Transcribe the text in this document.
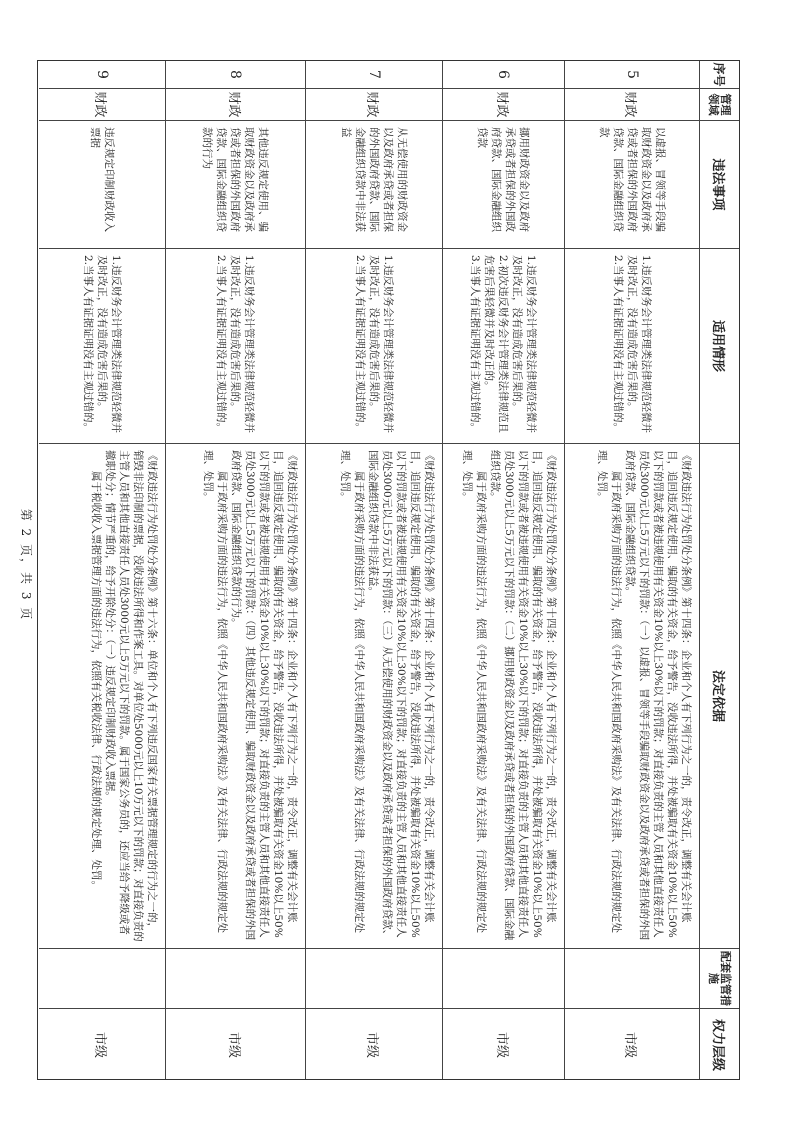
序号
管理领域
违法事项
适用情形
法定依据
配套监管措施
权力层级
5
财政

以虚报、冒领等手段骗取财政资金以及政府承贷或者担保的外国政府贷款、国际金融组织贷款

1.违反财务会计管理类法律规范轻微并及时改正，没有造成危害后果的。
2.当事人有证据证明没有主观过错的。

《财政违法行为处罚处分条例》第十四条：企业和个人有下列行为之一的，责令改正，调整有关会计账目，追回违反规定使用、骗取的有关资金，给予警告，没收违法所得，并处被骗取有关资金10%以上50%以下的罚款或者被违规使用有关资金10%以上30%以下的罚款；对直接负责的主管人员和其他直接责任人员处3000元以上5万元以下的罚款：（一）以虚报、冒领等手段骗取财政资金以及政府承贷或者担保的外国政府贷款、国际金融组织贷款。
　　属于政府采购方面的违法行为，依照《中华人民共和国政府采购法》及有关法律、行政法规的规定处理、处罚。

市级
6
财政

挪用财政资金以及政府承贷或者担保的外国政府贷款、国际金融组织贷款

1.违反财务会计管理类法律规范轻微并及时改正，没有造成危害后果的。
2.初次违反财务会计管理类法律规范且危害后果轻微并及时改正的。
3.当事人有证据证明没有主观过错的。

《财政违法行为处罚处分条例》第十四条：企业和个人有下列行为之一的，责令改正，调整有关会计账目，追回违反规定使用、骗取的有关资金，给予警告，没收违法所得，并处被骗取有关资金10%以上50%以下的罚款或者被违规使用有关资金10%以上30%以下的罚款；对直接负责的主管人员和其他直接责任人员处3000元以上5万元以下的罚款：（二）挪用财政资金以及政府承贷或者担保的外国政府贷款、国际金融组织贷款。
　　属于政府采购方面的违法行为，依照《中华人民共和国政府采购法》及有关法律、行政法规的规定处理、处罚。

市级
7
财政

从无偿使用的财政资金以及政府承贷或者担保的外国政府贷款、国际金融组织贷款中非法获益

1.违反财务会计管理类法律规范轻微并及时改正，没有造成危害后果的。
2.当事人有证据证明没有主观过错的。

《财政违法行为处罚处分条例》第十四条：企业和个人有下列行为之一的，责令改正，调整有关会计账目，追回违反规定使用、骗取的有关资金，给予警告，没收违法所得，并处被骗取有关资金10%以上50%以下的罚款或者被违规使用有关资金10%以上30%以下的罚款；对直接负责的主管人员和其他直接责任人员处3000元以上5万元以下的罚款：（三）从无偿使用的财政资金以及政府承贷或者担保的外国政府贷款、国际金融组织贷款中非法获益。
　　属于政府采购方面的违法行为，依照《中华人民共和国政府采购法》及有关法律、行政法规的规定处理、处罚。

市级
8
财政

其他违反规定使用、骗取财政资金以及政府承贷或者担保的外国政府贷款、国际金融组织贷款的行为

1.违反财务会计管理类法律规范轻微并及时改正，没有造成危害后果的。
2.当事人有证据证明没有主观过错的。

《财政违法行为处罚处分条例》第十四条：企业和个人有下列行为之一的，责令改正，调整有关会计账目，追回违反规定使用、骗取的有关资金，给予警告，没收违法所得，并处被骗取有关资金10%以上50%以下的罚款或者被违规使用有关资金10%以上30%以下的罚款；对直接负责的主管人员和其他直接责任人员处3000元以上5万元以下的罚款：（四）其他违反规定使用、骗取财政资金以及政府承贷或者担保的外国政府贷款、国际金融组织贷款的行为。
　　属于政府采购方面的违法行为，依照《中华人民共和国政府采购法》及有关法律、行政法规的规定处理、处罚。

市级
9
财政

违反规定印制财政收入票据

1.违反财务会计管理类法律规范轻微并及时改正，没有造成危害后果的。
2.当事人有证据证明没有主观过错的。

《财政违法行为处罚处分条例》第十六条：单位和个人有下列违反国家有关票据管理规定的行为之一的，销毁非法印制的票据，没收违法所得和作案工具。对单位处5000元以上10万元以下的罚款；对直接负责的主管人员和其他直接责任人员处3000元以上5万元以下的罚款。属于国家公务员的，还应当给予降级或者撤职处分；情节严重的，给予开除处分：（一）违反规定印制财政收入票据。
　　属于税收收入票据管理方面的违法行为，依照有关税收法律、行政法规的规定处理、处罚。

市级
第 2 页，共 3 页
